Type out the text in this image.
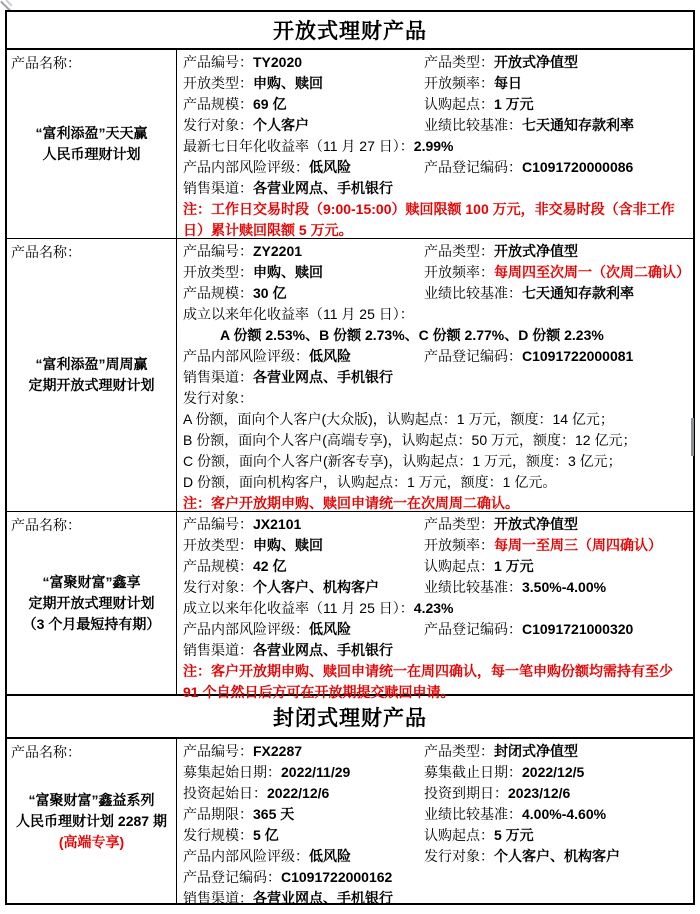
开放式理财产品
产品名称：
“富利添盈”天天赢
人民币理财计划
产品编号：TY2020	产品类型：开放式净值型
开放类型：申购、赎回	开放频率：每日
产品规模：69 亿	认购起点：1 万元
发行对象：个人客户	业绩比较基准：七天通知存款利率
最新七日年化收益率（11 月 27 日）：2.99%
产品内部风险评级：低风险	产品登记编码：C1091720000086
销售渠道：各营业网点、手机银行
注：工作日交易时段（9:00-15:00）赎回限额 100 万元，非交易时段（含非工作日）累计赎回限额 5 万元。
产品名称：
“富利添盈”周周赢
定期开放式理财计划
产品编号：ZY2201	产品类型：开放式净值型
开放类型：申购、赎回	开放频率：每周四至次周一（次周二确认）
产品规模：30 亿	业绩比较基准：七天通知存款利率
成立以来年化收益率（11 月 25 日）：
A 份额 2.53%、B 份额 2.73%、C 份额 2.77%、D 份额 2.23%
产品内部风险评级：低风险	产品登记编码：C1091722000081
销售渠道：各营业网点、手机银行
发行对象：
A 份额，面向个人客户(大众版)，认购起点：1 万元，额度：14 亿元；
B 份额，面向个人客户(高端专享)，认购起点：50 万元，额度：12 亿元；
C 份额，面向个人客户(新客专享)，认购起点：1 万元，额度：3 亿元；
D 份额，面向机构客户，认购起点：1 万元，额度：1 亿元。
注：客户开放期申购、赎回申请统一在次周周二确认。
产品名称：
“富聚财富”鑫享
定期开放式理财计划
（3 个月最短持有期）
产品编号：JX2101	产品类型：开放式净值型
开放类型：申购、赎回	开放频率：每周一至周三（周四确认）
产品规模：42 亿	认购起点：1 万元
发行对象：个人客户、机构客户	业绩比较基准：3.50%-4.00%
成立以来年化收益率（11 月 25 日）：4.23%
产品内部风险评级：低风险	产品登记编码：C1091721000320
销售渠道：各营业网点、手机银行
注：客户开放期申购、赎回申请统一在周四确认，每一笔申购份额均需持有至少 91 个自然日后方可在开放期提交赎回申请。
封闭式理财产品
产品名称：
“富聚财富”鑫益系列
人民币理财计划 2287 期
(高端专享)
产品编号：FX2287	产品类型：封闭式净值型
募集起始日期：2022/11/29	募集截止日期：2022/12/5
投资起始日：2022/12/6	投资到期日：2023/12/6
产品期限：365 天	业绩比较基准：4.00%-4.60%
发行规模：5 亿	认购起点：5 万元
产品内部风险评级：低风险	发行对象：个人客户、机构客户
产品登记编码：C1091722000162
销售渠道：各营业网点、手机银行
